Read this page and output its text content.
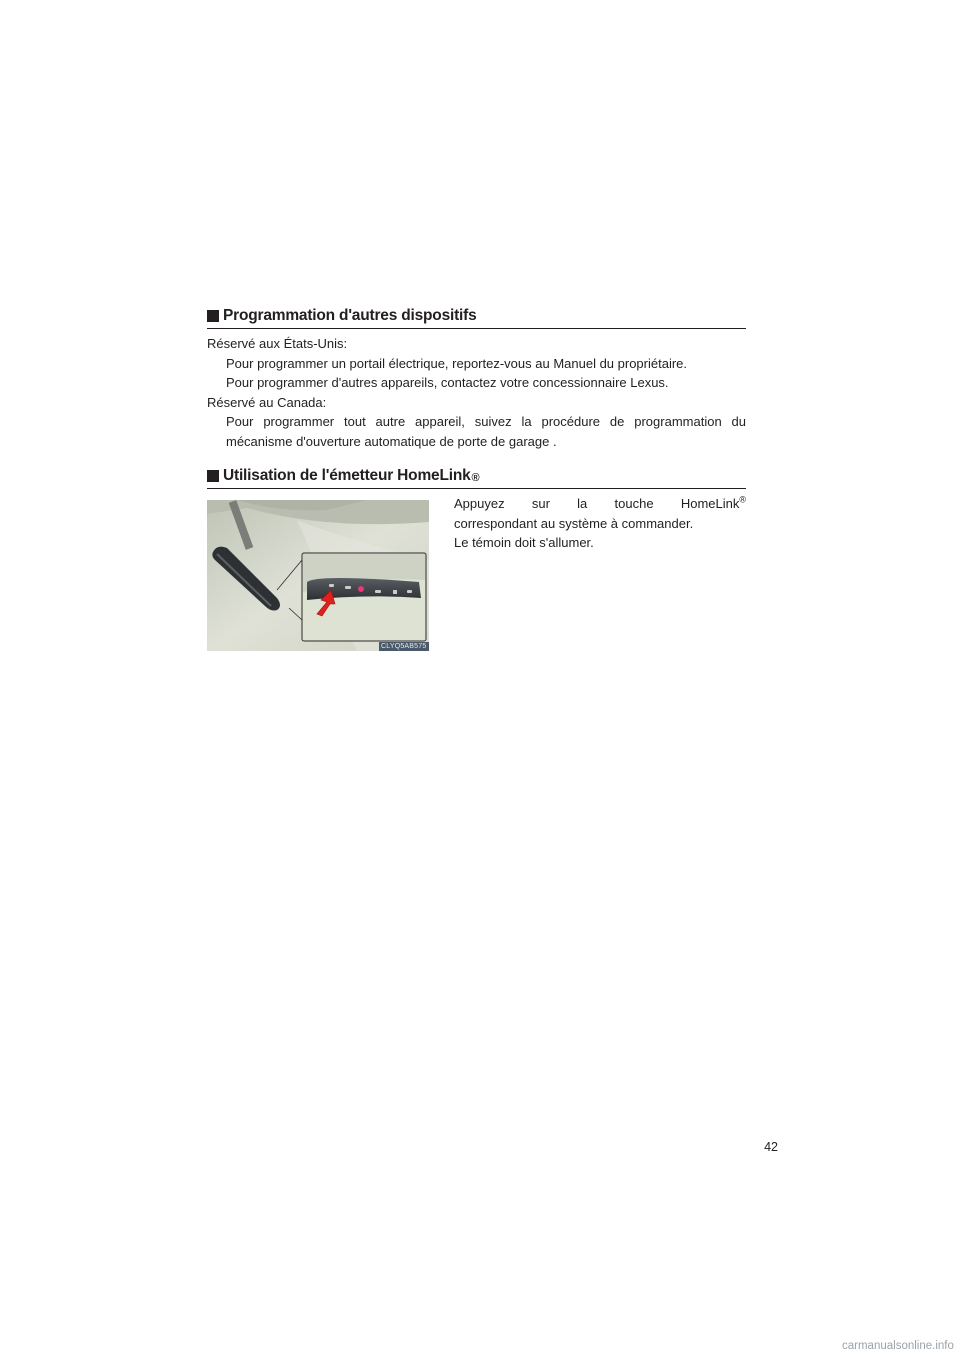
Programmation d'autres dispositifs

Réservé aux États-Unis:

Pour programmer un portail électrique, reportez-vous au Manuel du propriétaire.

Pour programmer d'autres appareils, contactez votre concessionnaire Lexus.

Réservé au Canada:

Pour programmer tout autre appareil, suivez la procédure de programmation du mécanisme d'ouverture automatique de porte de garage .

Utilisation de l'émetteur HomeLink®
CLYQ5AB575
Appuyez sur la touche HomeLink®
correspondant au système à commander.
Le témoin doit s'allumer.
42
carmanualsonline.info
